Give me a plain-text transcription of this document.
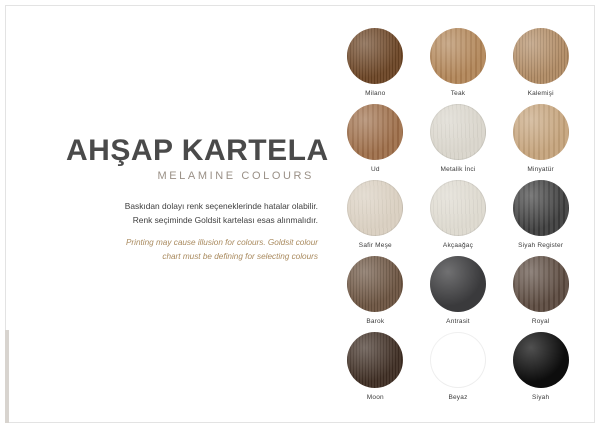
AHŞAP KARTELA
MELAMINE COLOURS
Baskıdan dolayı renk seçeneklerinde hatalar olabilir. Renk seçiminde Goldsit kartelası esas alınmalıdır.
Printing may cause illusion for colours. Goldsit colour chart must be defining for selecting colours
Milano	Teak	Kalemişi
Ud	Metalik İnci	Minyatür
Safir Meşe	Akçaağaç	Siyah Register
Barok	Antrasit	Royal
Moon	Beyaz	Siyah
